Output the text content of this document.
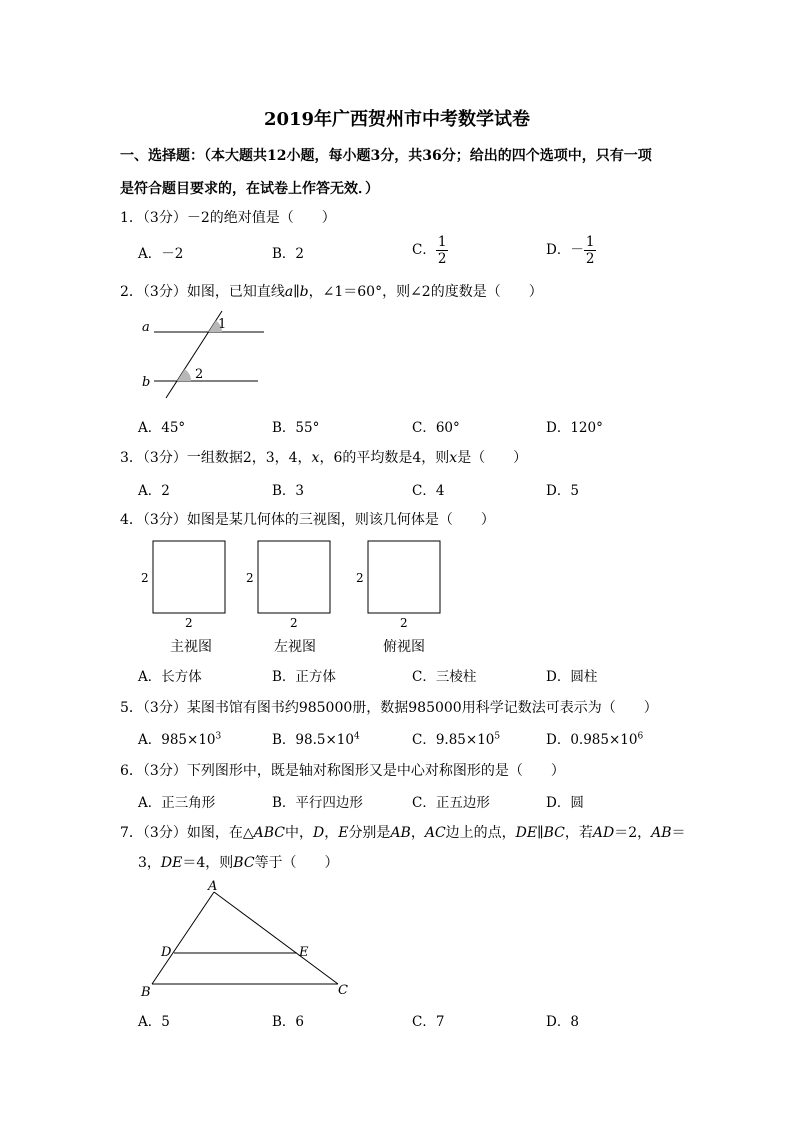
2019年广西贺州市中考数学试卷
一、选择题：（本大题共12小题，每小题3分，共36分；给出的四个选项中，只有一项
是符合题目要求的，在试卷上作答无效．）
1．（3分）－2的绝对值是（　　）
A．－2	B．2	C． $\frac{1}{2}$	D．－ $\frac{1}{2}$
2．（3分）如图，已知直线a∥b，∠1＝60°，则∠2的度数是（　　）
a
b
1
2
A．45°	B．55°	C．60°	D．120°
3．（3分）一组数据2，3，4，x，6的平均数是4，则x是（　　）
A．2	B．3	C．4	D．5
4．（3分）如图是某几何体的三视图，则该几何体是（　　）
2	2	2
2	2	2
主视图	左视图	俯视图
A．长方体	B．正方体	C．三棱柱	D．圆柱
5．（3分）某图书馆有图书约985000册，数据985000用科学记数法可表示为（　　）
A．$985\times 10^3$	B．$98.5\times 10^4$	C．$9.85\times 10^5$	D．$0.985\times 10^6$
6．（3分）下列图形中，既是轴对称图形又是中心对称图形的是（　　）
A．正三角形	B．平行四边形	C．正五边形	D．圆
7．（3分）如图，在△ABC中，D，E分别是AB，AC边上的点，DE∥BC，若AD＝2，AB＝
3，DE＝4，则BC等于（　　）
A
B	C
D	E
A．5	B．6	C．7	D．8
